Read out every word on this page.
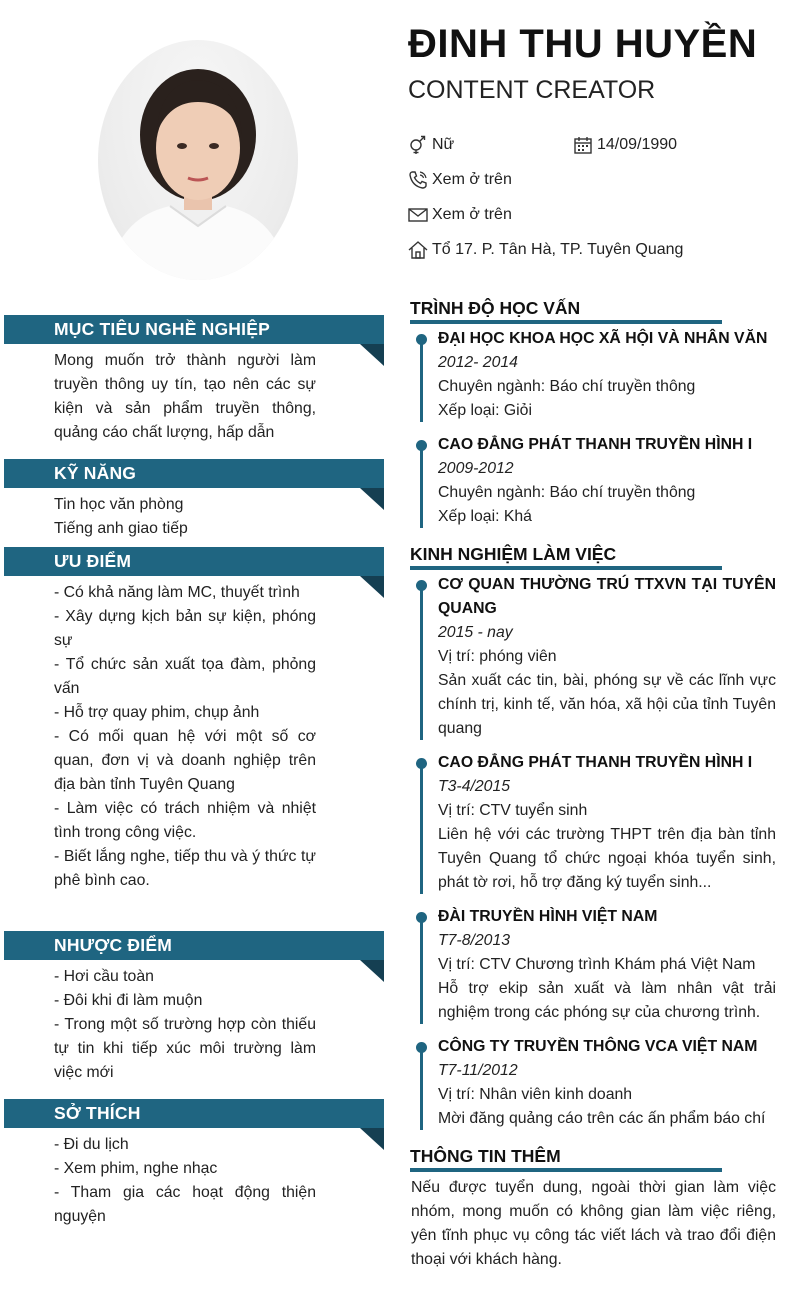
ĐINH THU HUYỀN
CONTENT CREATOR
Nữ	14/09/1990
Xem ở trên
Xem ở trên
Tổ 17. P. Tân Hà, TP. Tuyên Quang
MỤC TIÊU NGHỀ NGHIỆP
Mong muốn trở thành người làm truyền thông uy tín, tạo nên các sự kiện và sản phẩm truyền thông, quảng cáo chất lượng, hấp dẫn
KỸ NĂNG
Tin học văn phòng
Tiếng anh giao tiếp
ƯU ĐIỂM
- Có khả năng làm MC, thuyết trình
- Xây dựng kịch bản sự kiện, phóng sự
- Tổ chức sản xuất tọa đàm, phỏng vấn
- Hỗ trợ quay phim, chụp ảnh
- Có mối quan hệ với một số cơ quan, đơn vị và doanh nghiệp trên địa bàn tỉnh Tuyên Quang
- Làm việc có trách nhiệm và nhiệt tình trong công việc.
- Biết lắng nghe, tiếp thu và ý thức tự phê bình cao.
NHƯỢC ĐIỂM
- Hơi cầu toàn
- Đôi khi đi làm muộn
- Trong một số trường hợp còn thiếu tự tin khi tiếp xúc môi trường làm việc mới
SỞ THÍCH
- Đi du lịch
- Xem phim, nghe nhạc
- Tham gia các hoạt động thiện nguyện
TRÌNH ĐỘ HỌC VẤN
ĐẠI HỌC KHOA HỌC XÃ HỘI VÀ NHÂN VĂN
2012- 2014
Chuyên ngành: Báo chí truyền thông
Xếp loại: Giỏi
CAO ĐẲNG PHÁT THANH TRUYỀN HÌNH I
2009-2012
Chuyên ngành: Báo chí truyền thông
Xếp loại: Khá
KINH NGHIỆM LÀM VIỆC
CƠ QUAN THƯỜNG TRÚ TTXVN TẠI TUYÊN QUANG
2015 - nay
Vị trí: phóng viên
Sản xuất các tin, bài, phóng sự về các lĩnh vực chính trị, kinh tế, văn hóa, xã hội của tỉnh Tuyên quang
CAO ĐẲNG PHÁT THANH TRUYỀN HÌNH I
T3-4/2015
Vị trí: CTV tuyển sinh
Liên hệ với các trường THPT trên địa bàn tỉnh Tuyên Quang tổ chức ngoại khóa tuyển sinh, phát tờ rơi, hỗ trợ đăng ký tuyển sinh...
ĐÀI TRUYỀN HÌNH VIỆT NAM
T7-8/2013
Vị trí: CTV Chương trình Khám phá Việt Nam
Hỗ trợ ekip sản xuất và làm nhân vật trải nghiệm trong các phóng sự của chương trình.
CÔNG TY TRUYỀN THÔNG VCA VIỆT NAM
T7-11/2012
Vị trí: Nhân viên kinh doanh
Mời đăng quảng cáo trên các ấn phẩm báo chí
THÔNG TIN THÊM
Nếu được tuyển dung, ngoài thời gian làm việc nhóm, mong muốn có không gian làm việc riêng, yên tĩnh phục vụ công tác viết lách và trao đổi điện thoại với khách hàng.
